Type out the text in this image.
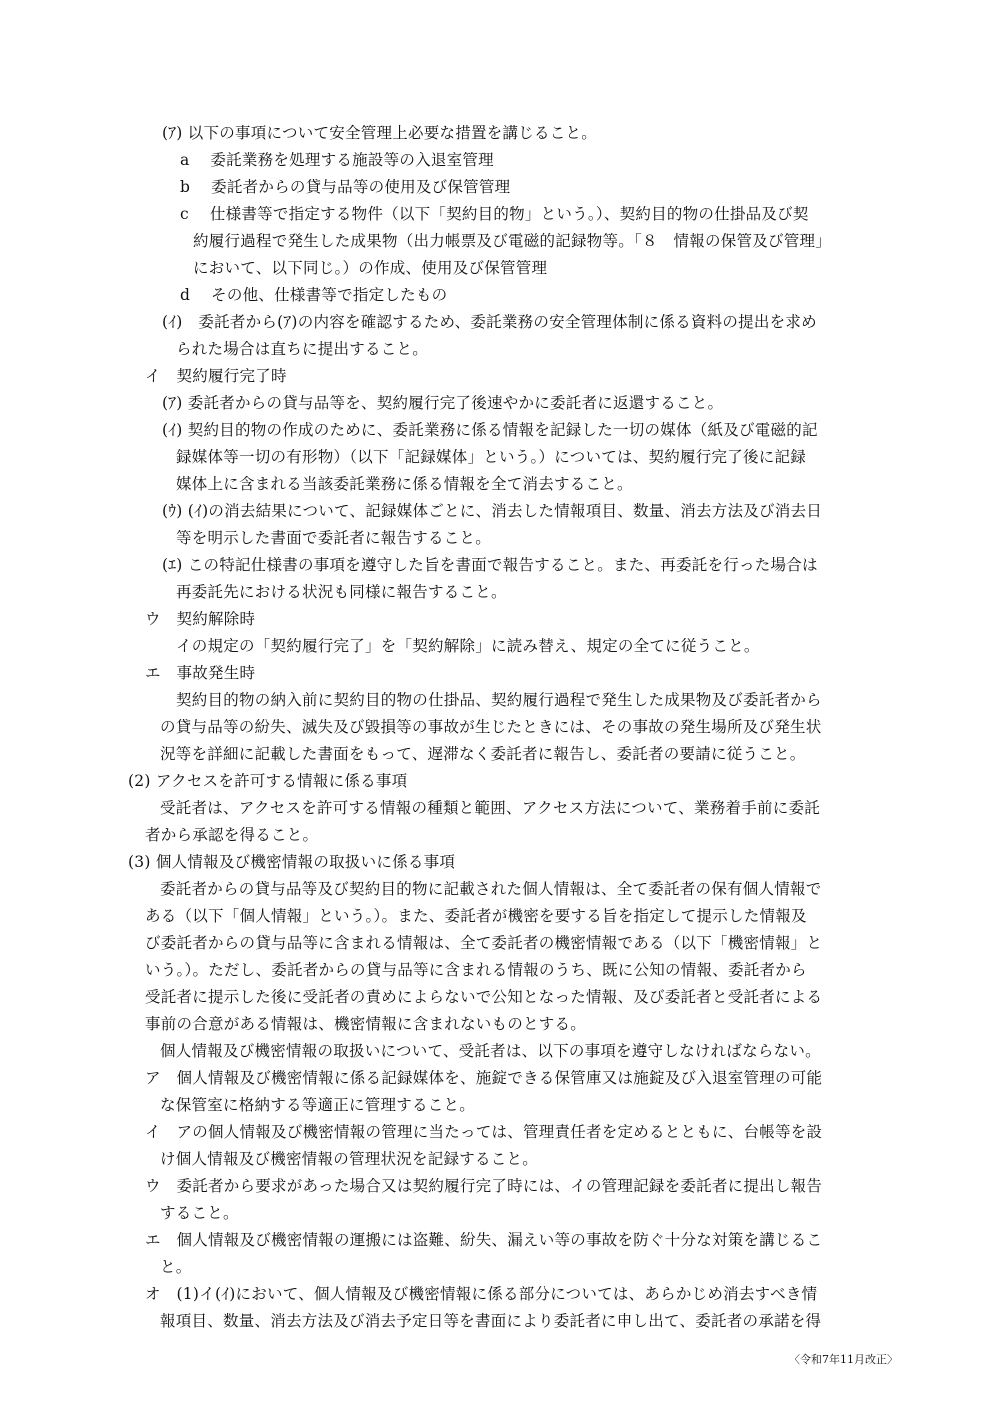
(ｱ) 以下の事項について安全管理上必要な措置を講じること。
a　 委託業務を処理する施設等の入退室管理
b　 委託者からの貸与品等の使用及び保管管理
c　 仕様書等で指定する物件（以下「契約目的物」という。）、契約目的物の仕掛品及び契
約履行過程で発生した成果物（出力帳票及び電磁的記録物等。「８　情報の保管及び管理」
において、以下同じ。）の作成、使用及び保管管理
d　 その他、仕様書等で指定したもの
(ｲ)　委託者から(ｱ)の内容を確認するため、委託業務の安全管理体制に係る資料の提出を求め
られた場合は直ちに提出すること。
イ　契約履行完了時
(ｱ) 委託者からの貸与品等を、契約履行完了後速やかに委託者に返還すること。
(ｲ) 契約目的物の作成のために、委託業務に係る情報を記録した一切の媒体（紙及び電磁的記
録媒体等一切の有形物）（以下「記録媒体」という。）については、契約履行完了後に記録
媒体上に含まれる当該委託業務に係る情報を全て消去すること。
(ｳ) (ｲ)の消去結果について、記録媒体ごとに、消去した情報項目、数量、消去方法及び消去日
等を明示した書面で委託者に報告すること。
(ｴ) この特記仕様書の事項を遵守した旨を書面で報告すること。また、再委託を行った場合は
再委託先における状況も同様に報告すること。
ウ　契約解除時
イの規定の「契約履行完了」を「契約解除」に読み替え、規定の全てに従うこと。
エ　事故発生時
契約目的物の納入前に契約目的物の仕掛品、契約履行過程で発生した成果物及び委託者から
の貸与品等の紛失、滅失及び毀損等の事故が生じたときには、その事故の発生場所及び発生状
況等を詳細に記載した書面をもって、遅滞なく委託者に報告し、委託者の要請に従うこと。
(2) アクセスを許可する情報に係る事項
受託者は、アクセスを許可する情報の種類と範囲、アクセス方法について、業務着手前に委託
者から承認を得ること。
(3) 個人情報及び機密情報の取扱いに係る事項
委託者からの貸与品等及び契約目的物に記載された個人情報は、全て委託者の保有個人情報で
ある（以下「個人情報」という。）。また、委託者が機密を要する旨を指定して提示した情報及
び委託者からの貸与品等に含まれる情報は、全て委託者の機密情報である（以下「機密情報」と
いう。）。ただし、委託者からの貸与品等に含まれる情報のうち、既に公知の情報、委託者から
受託者に提示した後に受託者の責めによらないで公知となった情報、及び委託者と受託者による
事前の合意がある情報は、機密情報に含まれないものとする。
個人情報及び機密情報の取扱いについて、受託者は、以下の事項を遵守しなければならない。
ア　個人情報及び機密情報に係る記録媒体を、施錠できる保管庫又は施錠及び入退室管理の可能
な保管室に格納する等適正に管理すること。
イ　アの個人情報及び機密情報の管理に当たっては、管理責任者を定めるとともに、台帳等を設
け個人情報及び機密情報の管理状況を記録すること。
ウ　委託者から要求があった場合又は契約履行完了時には、イの管理記録を委託者に提出し報告
すること。
エ　個人情報及び機密情報の運搬には盗難、紛失、漏えい等の事故を防ぐ十分な対策を講じるこ
と。
オ　(1)イ(ｲ)において、個人情報及び機密情報に係る部分については、あらかじめ消去すべき情
報項目、数量、消去方法及び消去予定日等を書面により委託者に申し出て、委託者の承諾を得
〈令和7年11月改正〉
